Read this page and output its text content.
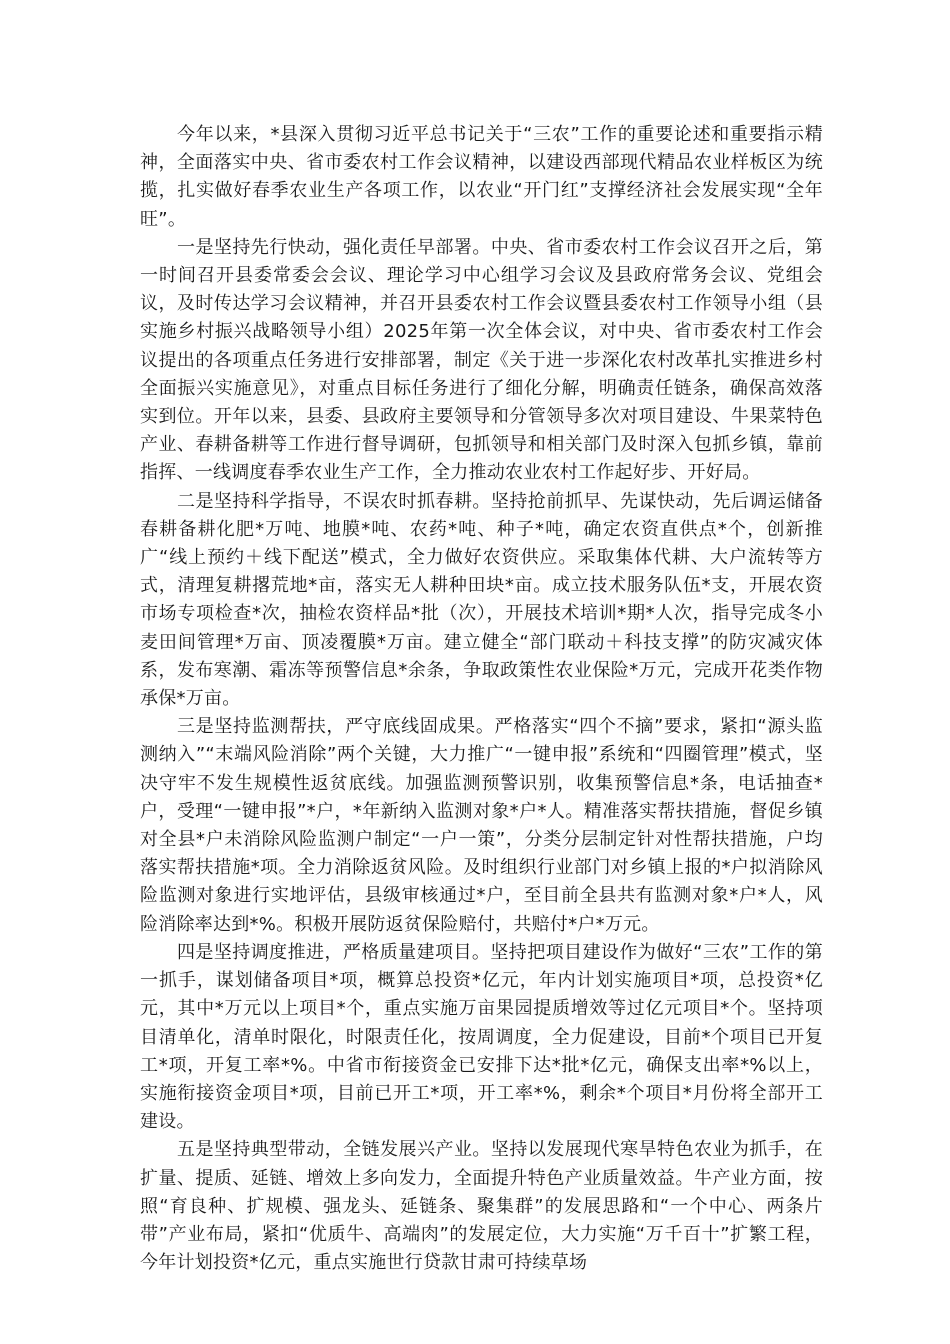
今年以来，*县深入贯彻习近平总书记关于“三农”工作的重要论述和重要指示精神，全面落实中央、省市委农村工作会议精神，以建设西部现代精品农业样板区为统揽，扎实做好春季农业生产各项工作，以农业“开门红”支撑经济社会发展实现“全年旺”。

一是坚持先行快动，强化责任早部署。中央、省市委农村工作会议召开之后，第一时间召开县委常委会会议、理论学习中心组学习会议及县政府常务会议、党组会议，及时传达学习会议精神，并召开县委农村工作会议暨县委农村工作领导小组（县实施乡村振兴战略领导小组）2025年第一次全体会议，对中央、省市委农村工作会议提出的各项重点任务进行安排部署，制定《关于进一步深化农村改革扎实推进乡村全面振兴实施意见》，对重点目标任务进行了细化分解，明确责任链条，确保高效落实到位。开年以来，县委、县政府主要领导和分管领导多次对项目建设、牛果菜特色产业、春耕备耕等工作进行督导调研，包抓领导和相关部门及时深入包抓乡镇，靠前指挥、一线调度春季农业生产工作，全力推动农业农村工作起好步、开好局。

二是坚持科学指导，不误农时抓春耕。坚持抢前抓早、先谋快动，先后调运储备春耕备耕化肥*万吨、地膜*吨、农药*吨、种子*吨，确定农资直供点*个，创新推广“线上预约＋线下配送”模式，全力做好农资供应。采取集体代耕、大户流转等方式，清理复耕撂荒地*亩，落实无人耕种田块*亩。成立技术服务队伍*支，开展农资市场专项检查*次，抽检农资样品*批（次），开展技术培训*期*人次，指导完成冬小麦田间管理*万亩、顶凌覆膜*万亩。建立健全“部门联动＋科技支撑”的防灾减灾体系，发布寒潮、霜冻等预警信息*余条，争取政策性农业保险*万元，完成开花类作物承保*万亩。

三是坚持监测帮扶，严守底线固成果。严格落实“四个不摘”要求，紧扣“源头监测纳入”“末端风险消除”两个关键，大力推广“一键申报”系统和“四圈管理”模式，坚决守牢不发生规模性返贫底线。加强监测预警识别，收集预警信息*条，电话抽查*户，受理“一键申报”*户，*年新纳入监测对象*户*人。精准落实帮扶措施，督促乡镇对全县*户未消除风险监测户制定“一户一策”，分类分层制定针对性帮扶措施，户均落实帮扶措施*项。全力消除返贫风险。及时组织行业部门对乡镇上报的*户拟消除风险监测对象进行实地评估，县级审核通过*户，至目前全县共有监测对象*户*人，风险消除率达到*%。积极开展防返贫保险赔付，共赔付*户*万元。

四是坚持调度推进，严格质量建项目。坚持把项目建设作为做好“三农”工作的第一抓手，谋划储备项目*项，概算总投资*亿元，年内计划实施项目*项，总投资*亿元，其中*万元以上项目*个，重点实施万亩果园提质增效等过亿元项目*个。坚持项目清单化，清单时限化，时限责任化，按周调度，全力促建设，目前*个项目已开复工*项，开复工率*%。中省市衔接资金已安排下达*批*亿元，确保支出率*%以上，实施衔接资金项目*项，目前已开工*项，开工率*%，剩余*个项目*月份将全部开工建设。

五是坚持典型带动，全链发展兴产业。坚持以发展现代寒旱特色农业为抓手，在扩量、提质、延链、增效上多向发力，全面提升特色产业质量效益。牛产业方面，按照“育良种、扩规模、强龙头、延链条、聚集群”的发展思路和“一个中心、两条片带”产业布局，紧扣“优质牛、高端肉”的发展定位，大力实施“万千百十”扩繁工程，今年计划投资*亿元，重点实施世行贷款甘肃可持续草场
